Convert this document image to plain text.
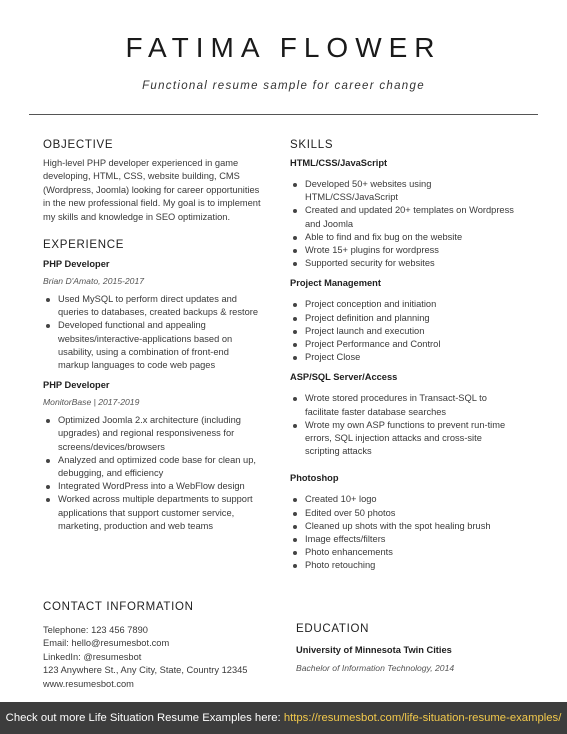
FATIMA FLOWER
Functional resume sample for career change
OBJECTIVE

High-level PHP developer experienced in game developing, HTML, CSS, website building, CMS (Wordpress, Joomla) looking for career opportunities in the new professional field. My goal is to implement my skills and knowledge in SEO optimization.

EXPERIENCE
PHP Developer
Brian D'Amato, 2015-2017
Used MySQL to perform direct updates and queries to databases, created backups & restore
Developed functional and appealing websites/interactive-applications based on usability, using a combination of front-end markup languages to code web pages
PHP Developer
MonitorBase | 2017-2019
Optimized Joomla 2.x architecture (including upgrades) and regional responsiveness for screens/devices/browsers
Analyzed and optimized code base for clean up, debugging, and efficiency
Integrated WordPress into a WebFlow design
Worked across multiple departments to support applications that support customer service, marketing, production and web teams
CONTACT INFORMATION

Telephone: 123 456 7890

Email: hello@resumesbot.com

LinkedIn: @resumesbot

123 Anywhere St., Any City, State, Country 12345

www.resumesbot.com

SKILLS
HTML/CSS/JavaScript
Developed 50+ websites using HTML/CSS/JavaScript
Created and updated 20+ templates on Wordpress and Joomla
Able to find and fix bug on the website
Wrote 15+ plugins for wordpress
Supported security for websites
Project Management
Project conception and initiation
Project definition and planning
Project launch and execution
Project Performance and Control
Project Close
ASP/SQL Server/Access
Wrote stored procedures in Transact-SQL to facilitate faster database searches
Wrote my own ASP functions to prevent run-time errors, SQL injection attacks and cross-site scripting attacks
Photoshop
Created 10+ logo
Edited over 50 photos
Cleaned up shots with the spot healing brush
Image effects/filters
Photo enhancements
Photo retouching
EDUCATION
University of Minnesota Twin Cities
Bachelor of Information Technology, 2014
Check out more Life Situation Resume Examples here: https://resumesbot.com/life-situation-resume-examples/
